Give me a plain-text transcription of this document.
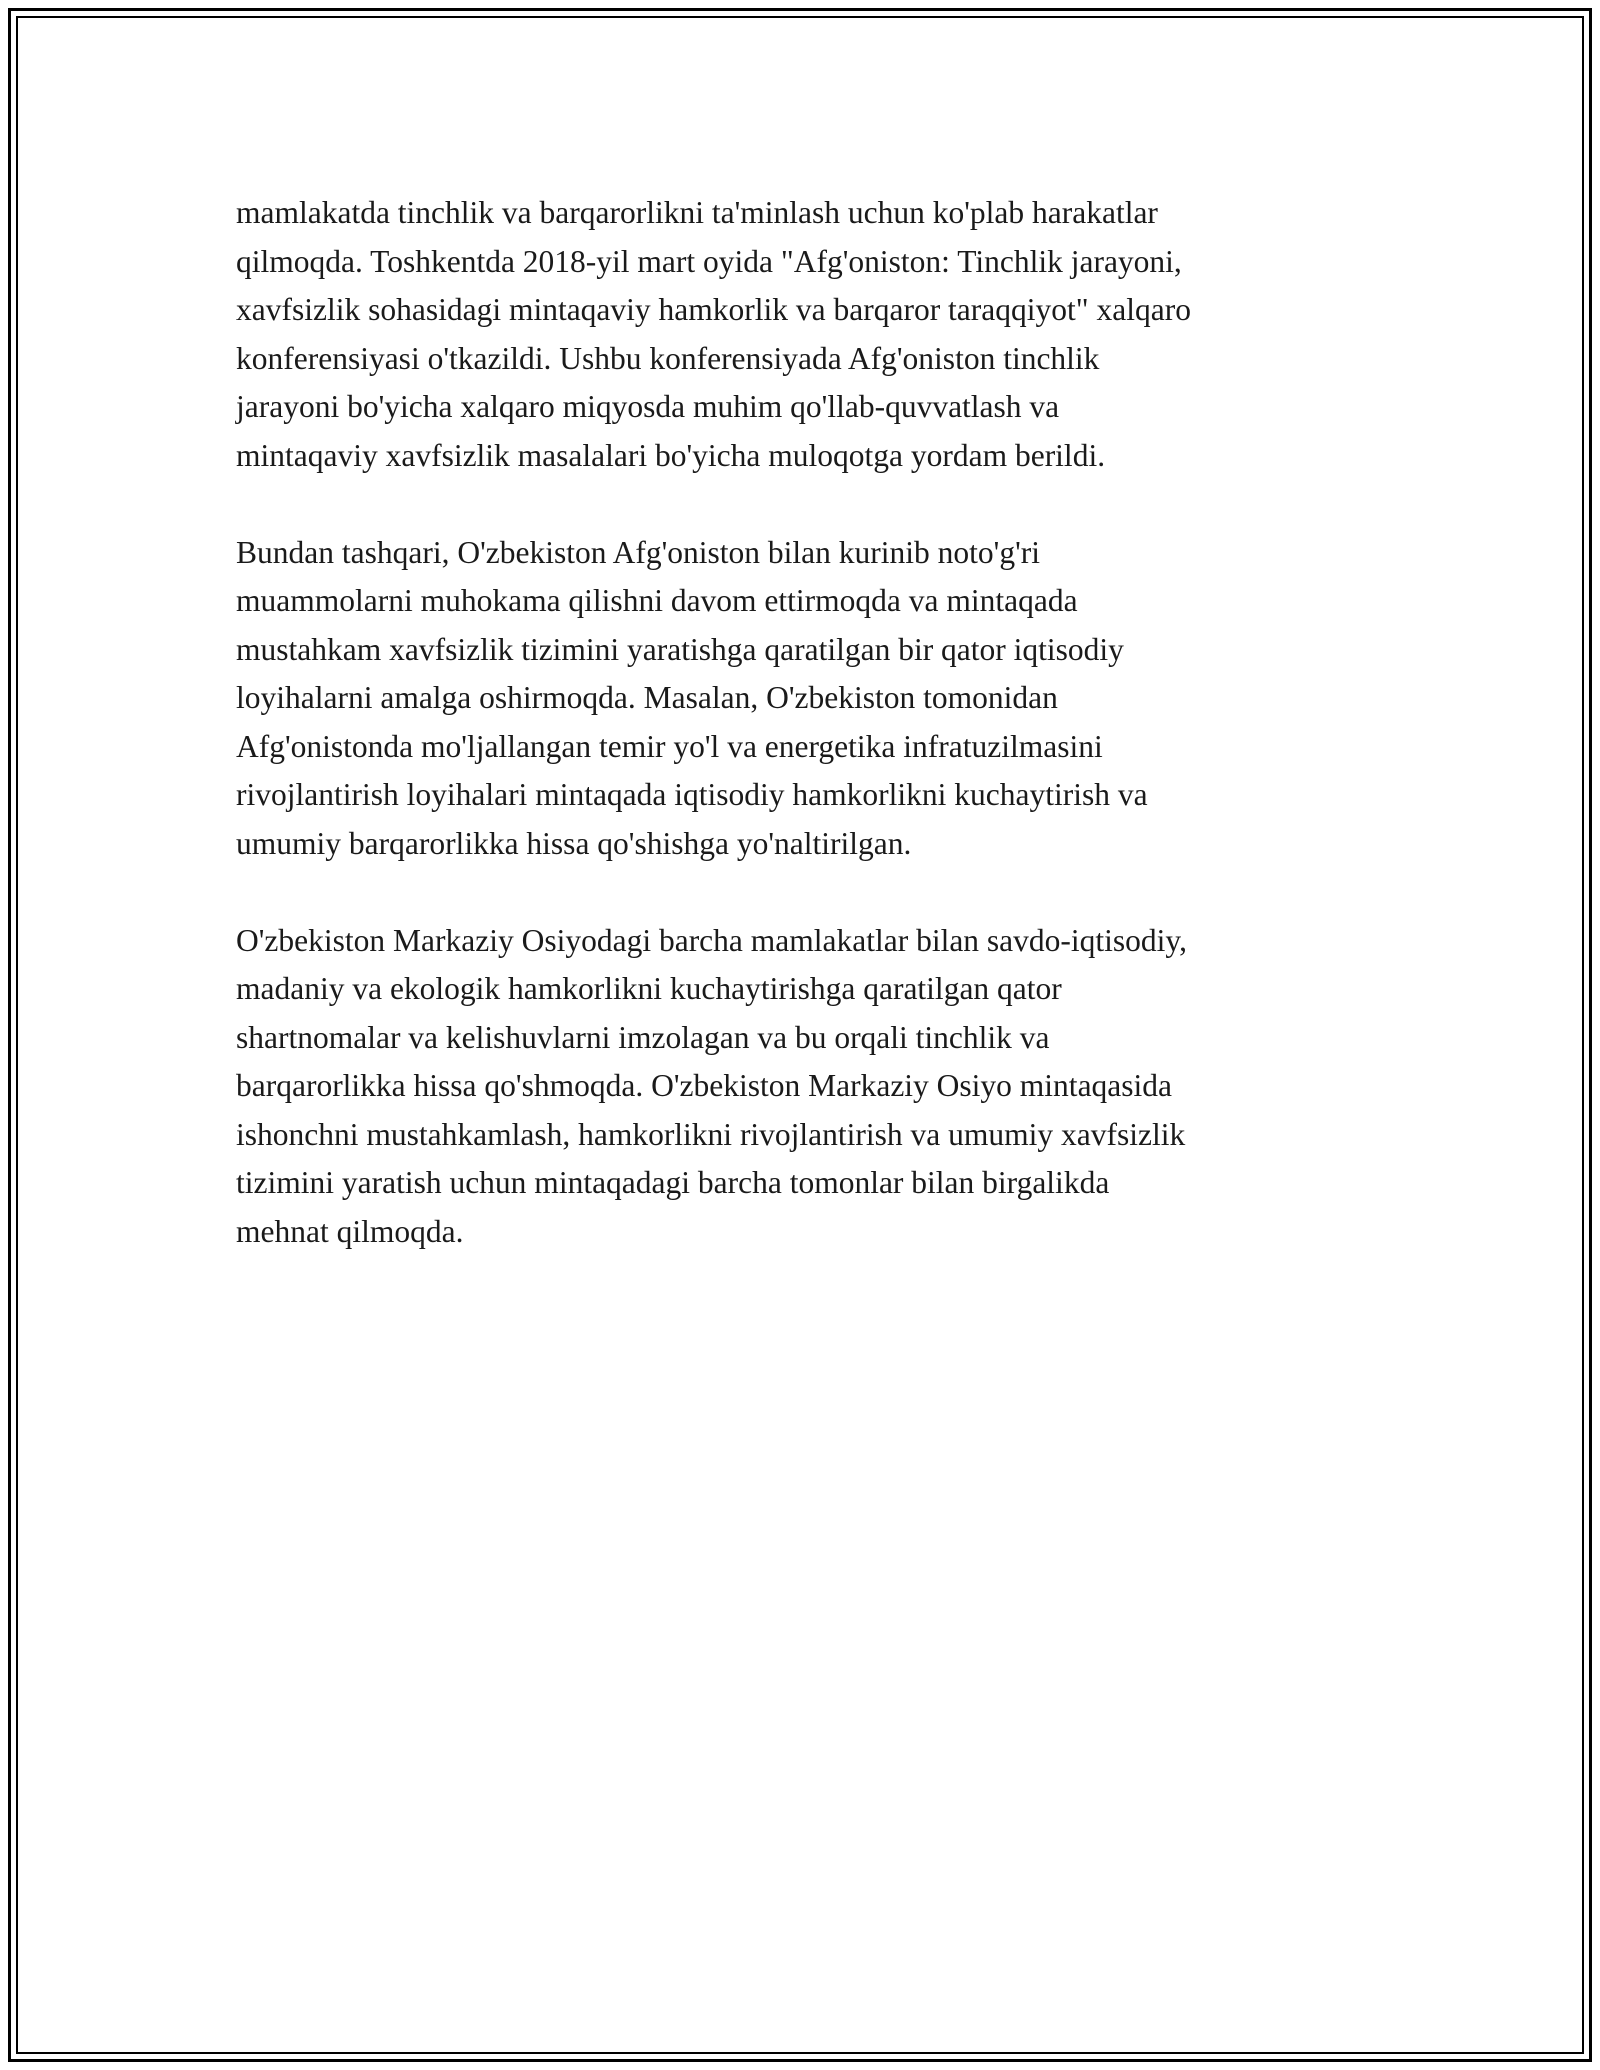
mamlakatda tinchlik va barqarorlikni ta'minlash uchun ko'plab harakatlar
qilmoqda. Toshkentda 2018-yil mart oyida "Afg'oniston: Tinchlik jarayoni,
xavfsizlik sohasidagi mintaqaviy hamkorlik va barqaror taraqqiyot" xalqaro
konferensiyasi o'tkazildi. Ushbu konferensiyada Afg'oniston tinchlik
jarayoni bo'yicha xalqaro miqyosda muhim qo'llab-quvvatlash va
mintaqaviy xavfsizlik masalalari bo'yicha muloqotga yordam berildi.

Bundan tashqari, O'zbekiston Afg'oniston bilan kurinib noto'g'ri
muammolarni muhokama qilishni davom ettirmoqda va mintaqada
mustahkam xavfsizlik tizimini yaratishga qaratilgan bir qator iqtisodiy
loyihalarni amalga oshirmoqda. Masalan, O'zbekiston tomonidan
Afg'onistonda mo'ljallangan temir yo'l va energetika infratuzilmasini
rivojlantirish loyihalari mintaqada iqtisodiy hamkorlikni kuchaytirish va
umumiy barqarorlikka hissa qo'shishga yo'naltirilgan.

O'zbekiston Markaziy Osiyodagi barcha mamlakatlar bilan savdo-iqtisodiy,
madaniy va ekologik hamkorlikni kuchaytirishga qaratilgan qator
shartnomalar va kelishuvlarni imzolagan va bu orqali tinchlik va
barqarorlikka hissa qo'shmoqda. O'zbekiston Markaziy Osiyo mintaqasida
ishonchni mustahkamlash, hamkorlikni rivojlantirish va umumiy xavfsizlik
tizimini yaratish uchun mintaqadagi barcha tomonlar bilan birgalikda
mehnat qilmoqda.
